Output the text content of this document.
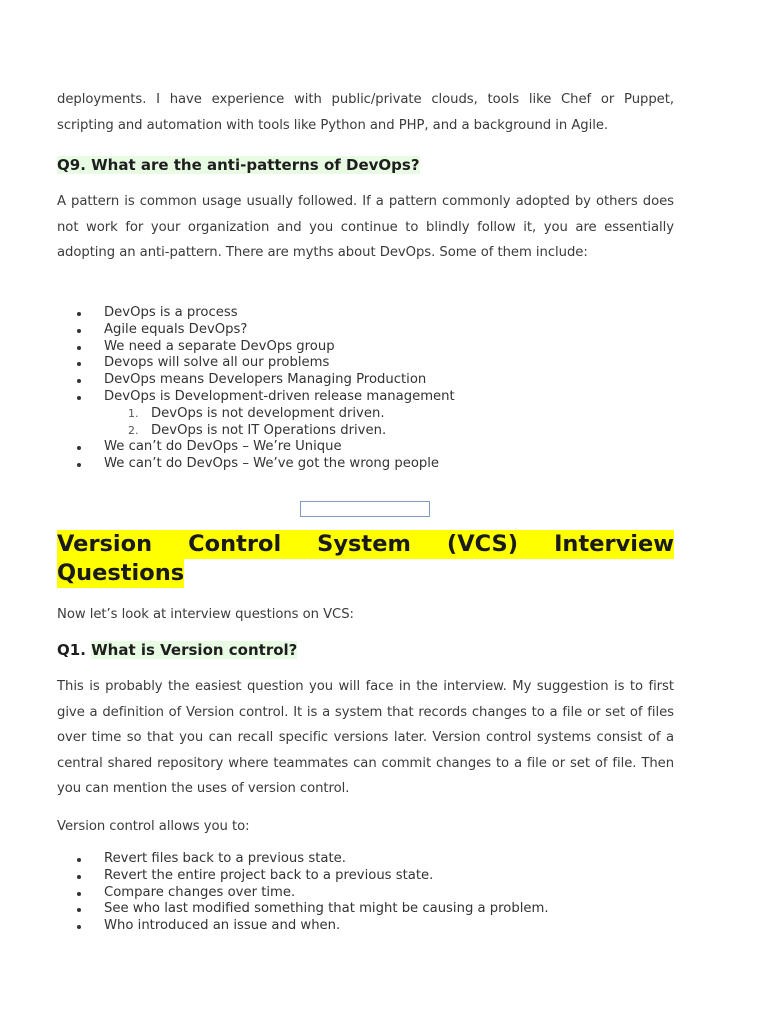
deployments. I have experience with public/private clouds, tools like Chef or Puppet,

scripting and automation with tools like Python and PHP, and a background in Agile.

Q9. What are the anti-patterns of DevOps?

A pattern is common usage usually followed. If a pattern commonly adopted by others does not work for your organization and you continue to blindly follow it, you are essentially adopting an anti-pattern. There are myths about DevOps. Some of them include:

DevOps is a process
Agile equals DevOps?
We need a separate DevOps group
Devops will solve all our problems
DevOps means Developers Managing Production
DevOps is Development-driven release management
1. DevOps is not development driven.
2. DevOps is not IT Operations driven.
We can’t do DevOps – We’re Unique
We can’t do DevOps – We’ve got the wrong people
Version Control System (VCS) Interview
Questions

Now let’s look at interview questions on VCS:

Q1. What is Version control?

This is probably the easiest question you will face in the interview. My suggestion is to first give a definition of Version control. It is a system that records changes to a file or set of files over time so that you can recall specific versions later. Version control systems consist of a central shared repository where teammates can commit changes to a file or set of file. Then you can mention the uses of version control.

Version control allows you to:

Revert files back to a previous state.
Revert the entire project back to a previous state.
Compare changes over time.
See who last modified something that might be causing a problem.
Who introduced an issue and when.
